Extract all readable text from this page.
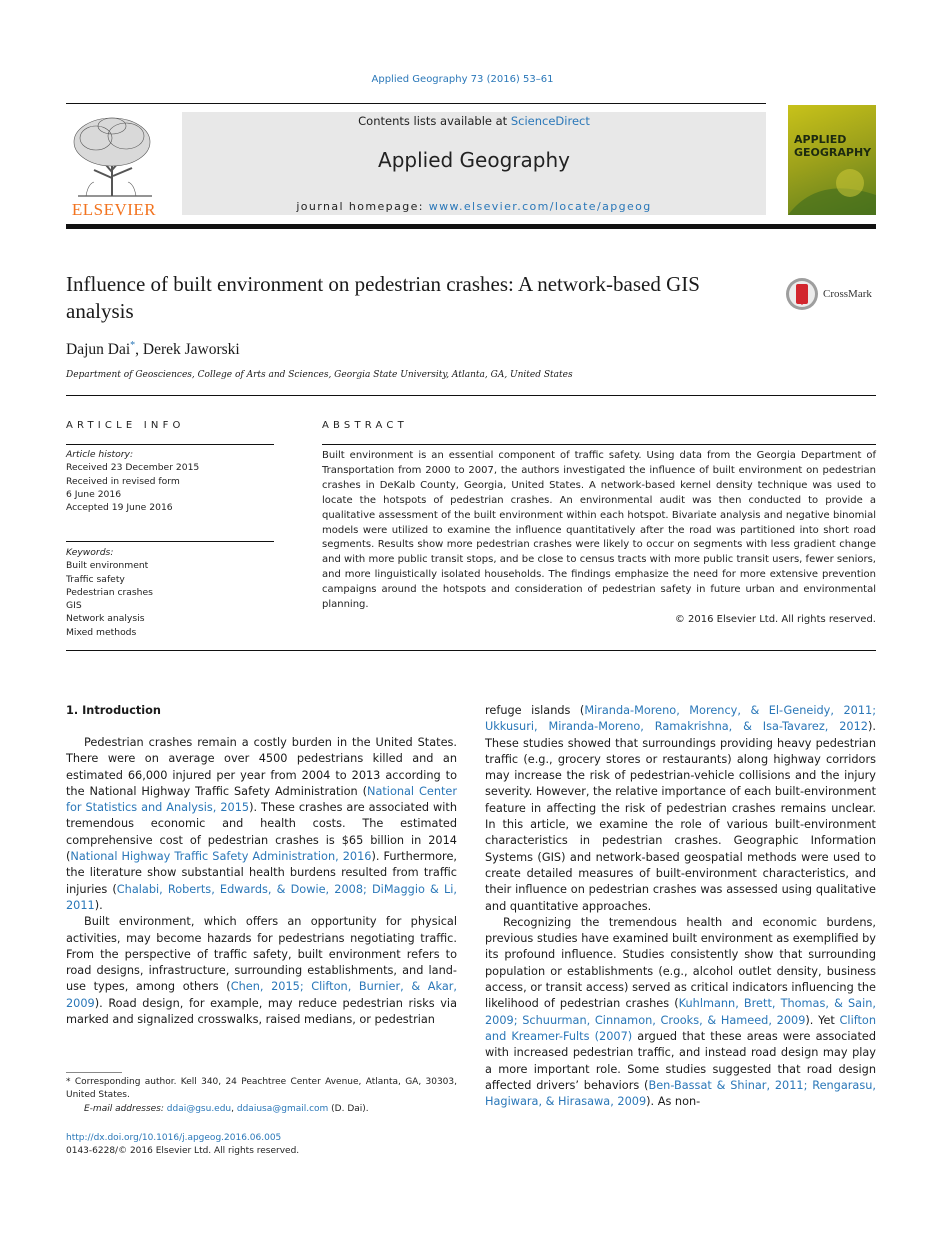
Applied Geography 73 (2016) 53–61
ELSEVIER
Contents lists available at ScienceDirect
Applied Geography
journal homepage: www.elsevier.com/locate/apgeog
APPLIED
GEOGRAPHY
Influence of built environment on pedestrian crashes: A network-based GIS analysis
CrossMark
Dajun Dai*, Derek Jaworski
Department of Geosciences, College of Arts and Sciences, Georgia State University, Atlanta, GA, United States
ARTICLE INFO
Article history:
Received 23 December 2015
Received in revised form
6 June 2016
Accepted 19 June 2016
Keywords:
Built environment
Traffic safety
Pedestrian crashes
GIS
Network analysis
Mixed methods
ABSTRACT
Built environment is an essential component of traffic safety. Using data from the Georgia Department of Transportation from 2000 to 2007, the authors investigated the influence of built environment on pedestrian crashes in DeKalb County, Georgia, United States. A network-based kernel density technique was used to locate the hotspots of pedestrian crashes. An environmental audit was then conducted to provide a qualitative assessment of the built environment within each hotspot. Bivariate analysis and negative binomial models were utilized to examine the influence quantitatively after the road was partitioned into short road segments. Results show more pedestrian crashes were likely to occur on segments with less gradient change and with more public transit stops, and be close to census tracts with more public transit users, fewer seniors, and more linguistically isolated households. The findings emphasize the need for more extensive prevention campaigns around the hotspots and consideration of pedestrian safety in future urban and environmental planning.
© 2016 Elsevier Ltd. All rights reserved.
1. Introduction

Pedestrian crashes remain a costly burden in the United States. There were on average over 4500 pedestrians killed and an estimated 66,000 injured per year from 2004 to 2013 according to the National Highway Traffic Safety Administration (National Center for Statistics and Analysis, 2015). These crashes are associated with tremendous economic and health costs. The estimated comprehensive cost of pedestrian crashes is $65 billion in 2014 (National Highway Traffic Safety Administration, 2016). Furthermore, the literature show substantial health burdens resulted from traffic injuries (Chalabi, Roberts, Edwards, & Dowie, 2008; DiMaggio & Li, 2011).

Built environment, which offers an opportunity for physical activities, may become hazards for pedestrians negotiating traffic. From the perspective of traffic safety, built environment refers to road designs, infrastructure, surrounding establishments, and land-use types, among others (Chen, 2015; Clifton, Burnier, & Akar, 2009). Road design, for example, may reduce pedestrian risks via marked and signalized crosswalks, raised medians, or pedestrian

refuge islands (Miranda-Moreno, Morency, & El-Geneidy, 2011; Ukkusuri, Miranda-Moreno, Ramakrishna, & Isa-Tavarez, 2012). These studies showed that surroundings providing heavy pedestrian traffic (e.g., grocery stores or restaurants) along highway corridors may increase the risk of pedestrian-vehicle collisions and the injury severity. However, the relative importance of each built-environment feature in affecting the risk of pedestrian crashes remains unclear. In this article, we examine the role of various built-environment characteristics in pedestrian crashes. Geographic Information Systems (GIS) and network-based geospatial methods were used to create detailed measures of built-environment characteristics, and their influence on pedestrian crashes was assessed using qualitative and quantitative approaches.

Recognizing the tremendous health and economic burdens, previous studies have examined built environment as exemplified by its profound influence. Studies consistently show that surrounding population or establishments (e.g., alcohol outlet density, business access, or transit access) served as critical indicators influencing the likelihood of pedestrian crashes (Kuhlmann, Brett, Thomas, & Sain, 2009; Schuurman, Cinnamon, Crooks, & Hameed, 2009). Yet Clifton and Kreamer-Fults (2007) argued that these areas were associated with increased pedestrian traffic, and instead road design may play a more important role. Some studies suggested that road design affected drivers’ behaviors (Ben-Bassat & Shinar, 2011; Rengarasu, Hagiwara, & Hirasawa, 2009). As non-

* Corresponding author. Kell 340, 24 Peachtree Center Avenue, Atlanta, GA, 30303, United States.
E-mail addresses: ddai@gsu.edu, ddaiusa@gmail.com (D. Dai).
http://dx.doi.org/10.1016/j.apgeog.2016.06.005
0143-6228/© 2016 Elsevier Ltd. All rights reserved.
